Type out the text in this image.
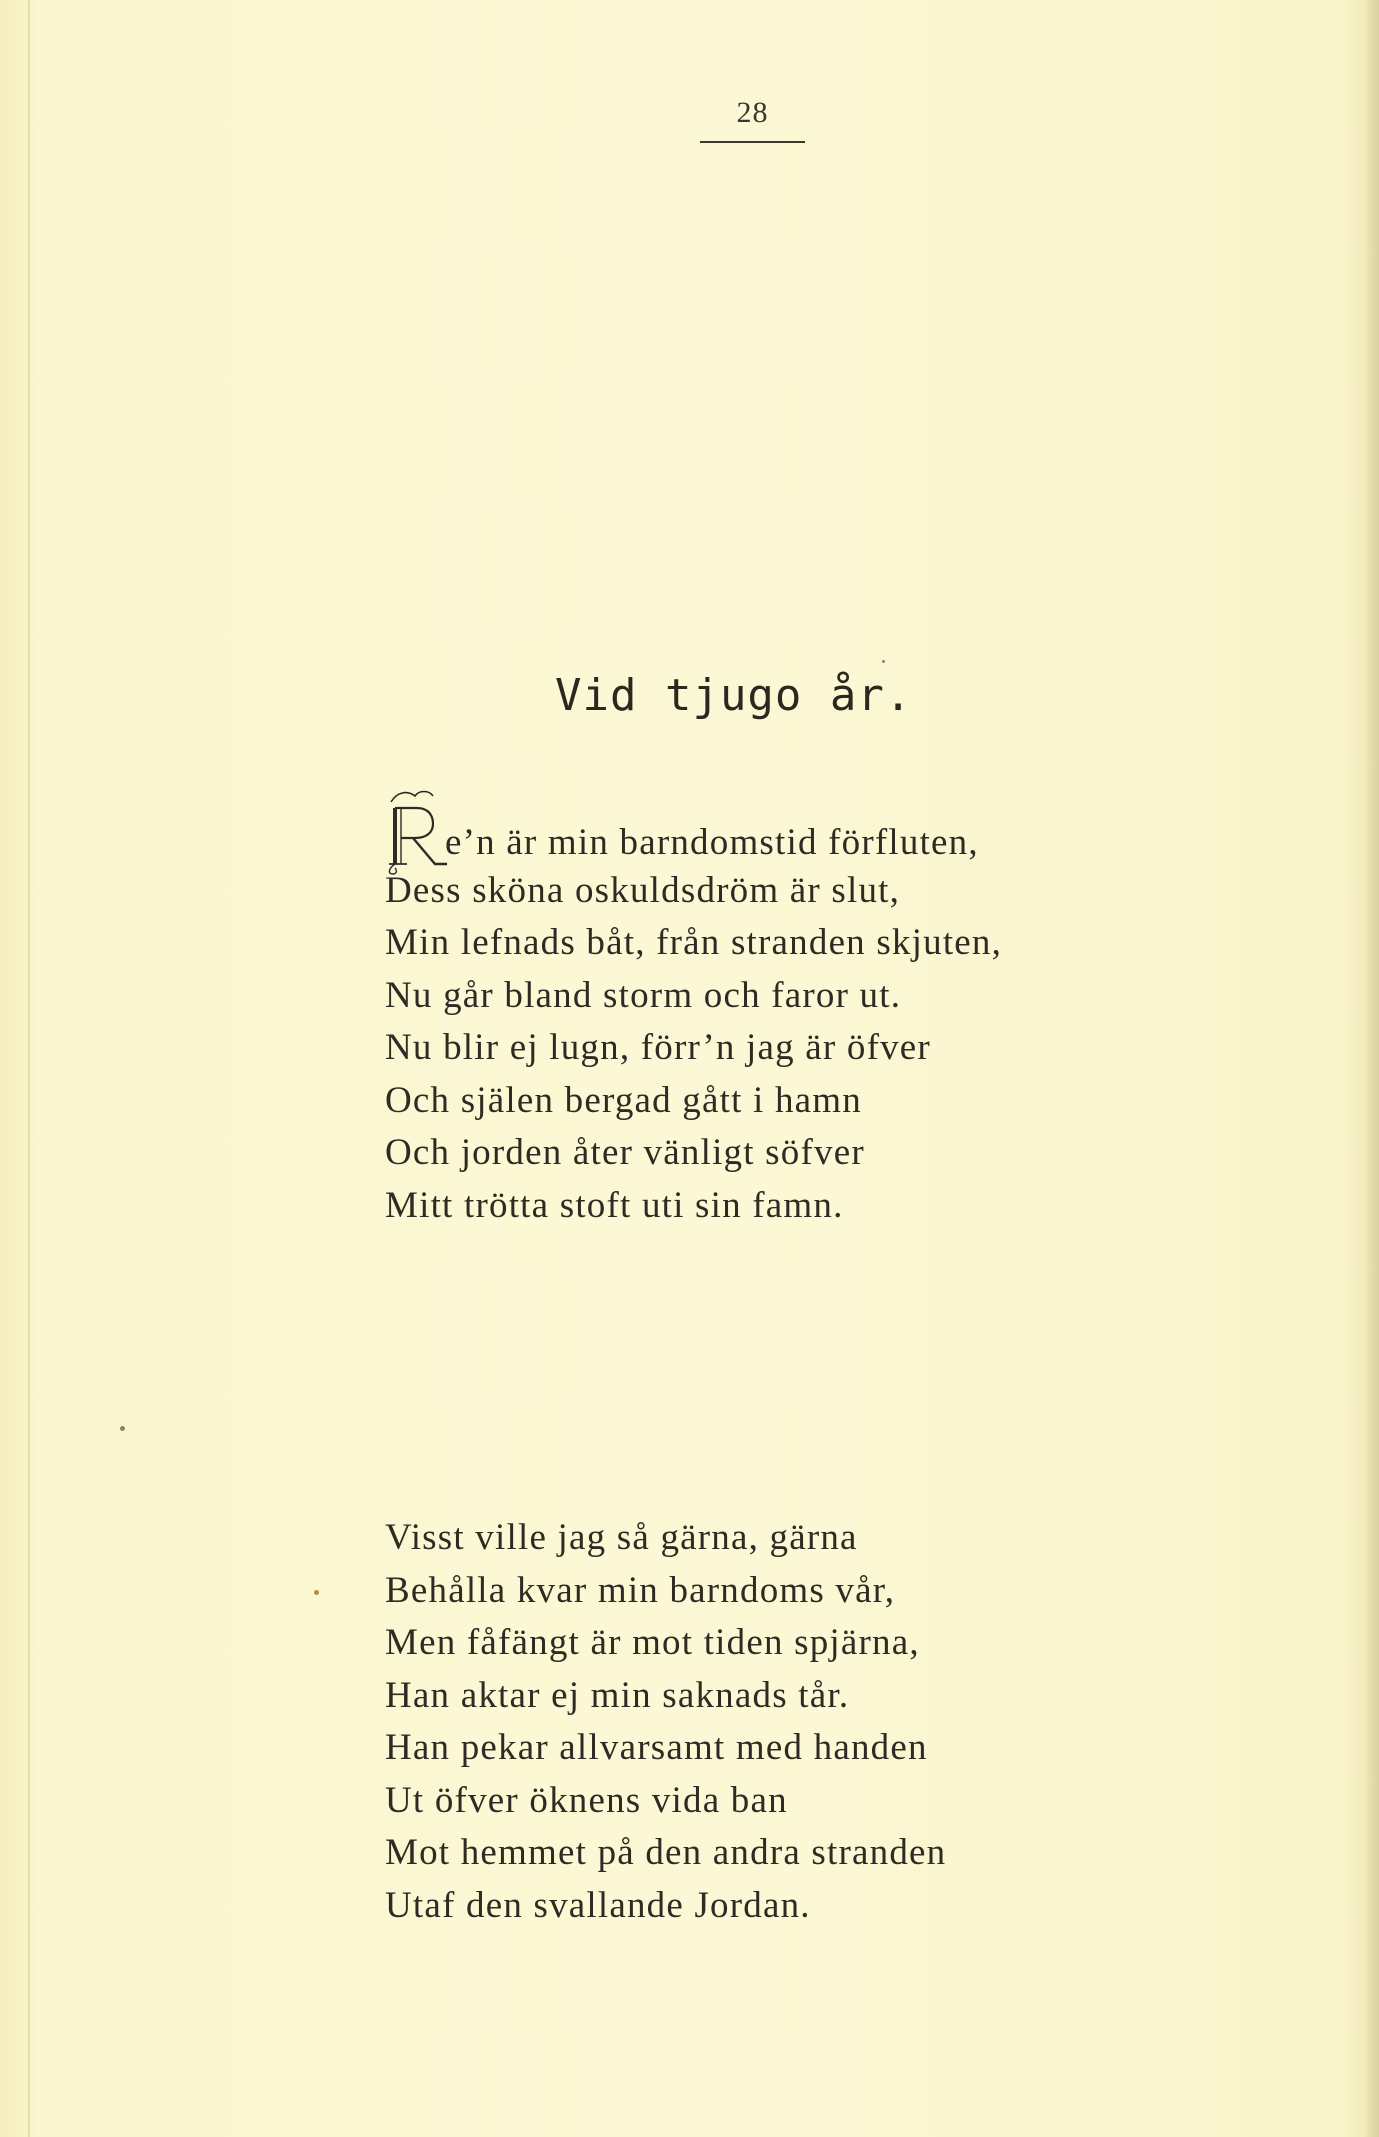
28
Vid tjugo år.
e’n är min barndomstid förfluten,
Dess sköna oskuldsdröm är slut,
Min lefnads båt, från stranden skjuten,
Nu går bland storm och faror ut.
Nu blir ej lugn, förr’n jag är öfver
Och själen bergad gått i hamn
Och jorden åter vänligt söfver
Mitt trötta stoft uti sin famn.
Visst ville jag så gärna, gärna
Behålla kvar min barndoms vår,
Men fåfängt är mot tiden spjärna,
Han aktar ej min saknads tår.
Han pekar allvarsamt med handen
Ut öfver öknens vida ban
Mot hemmet på den andra stranden
Utaf den svallande Jordan.
